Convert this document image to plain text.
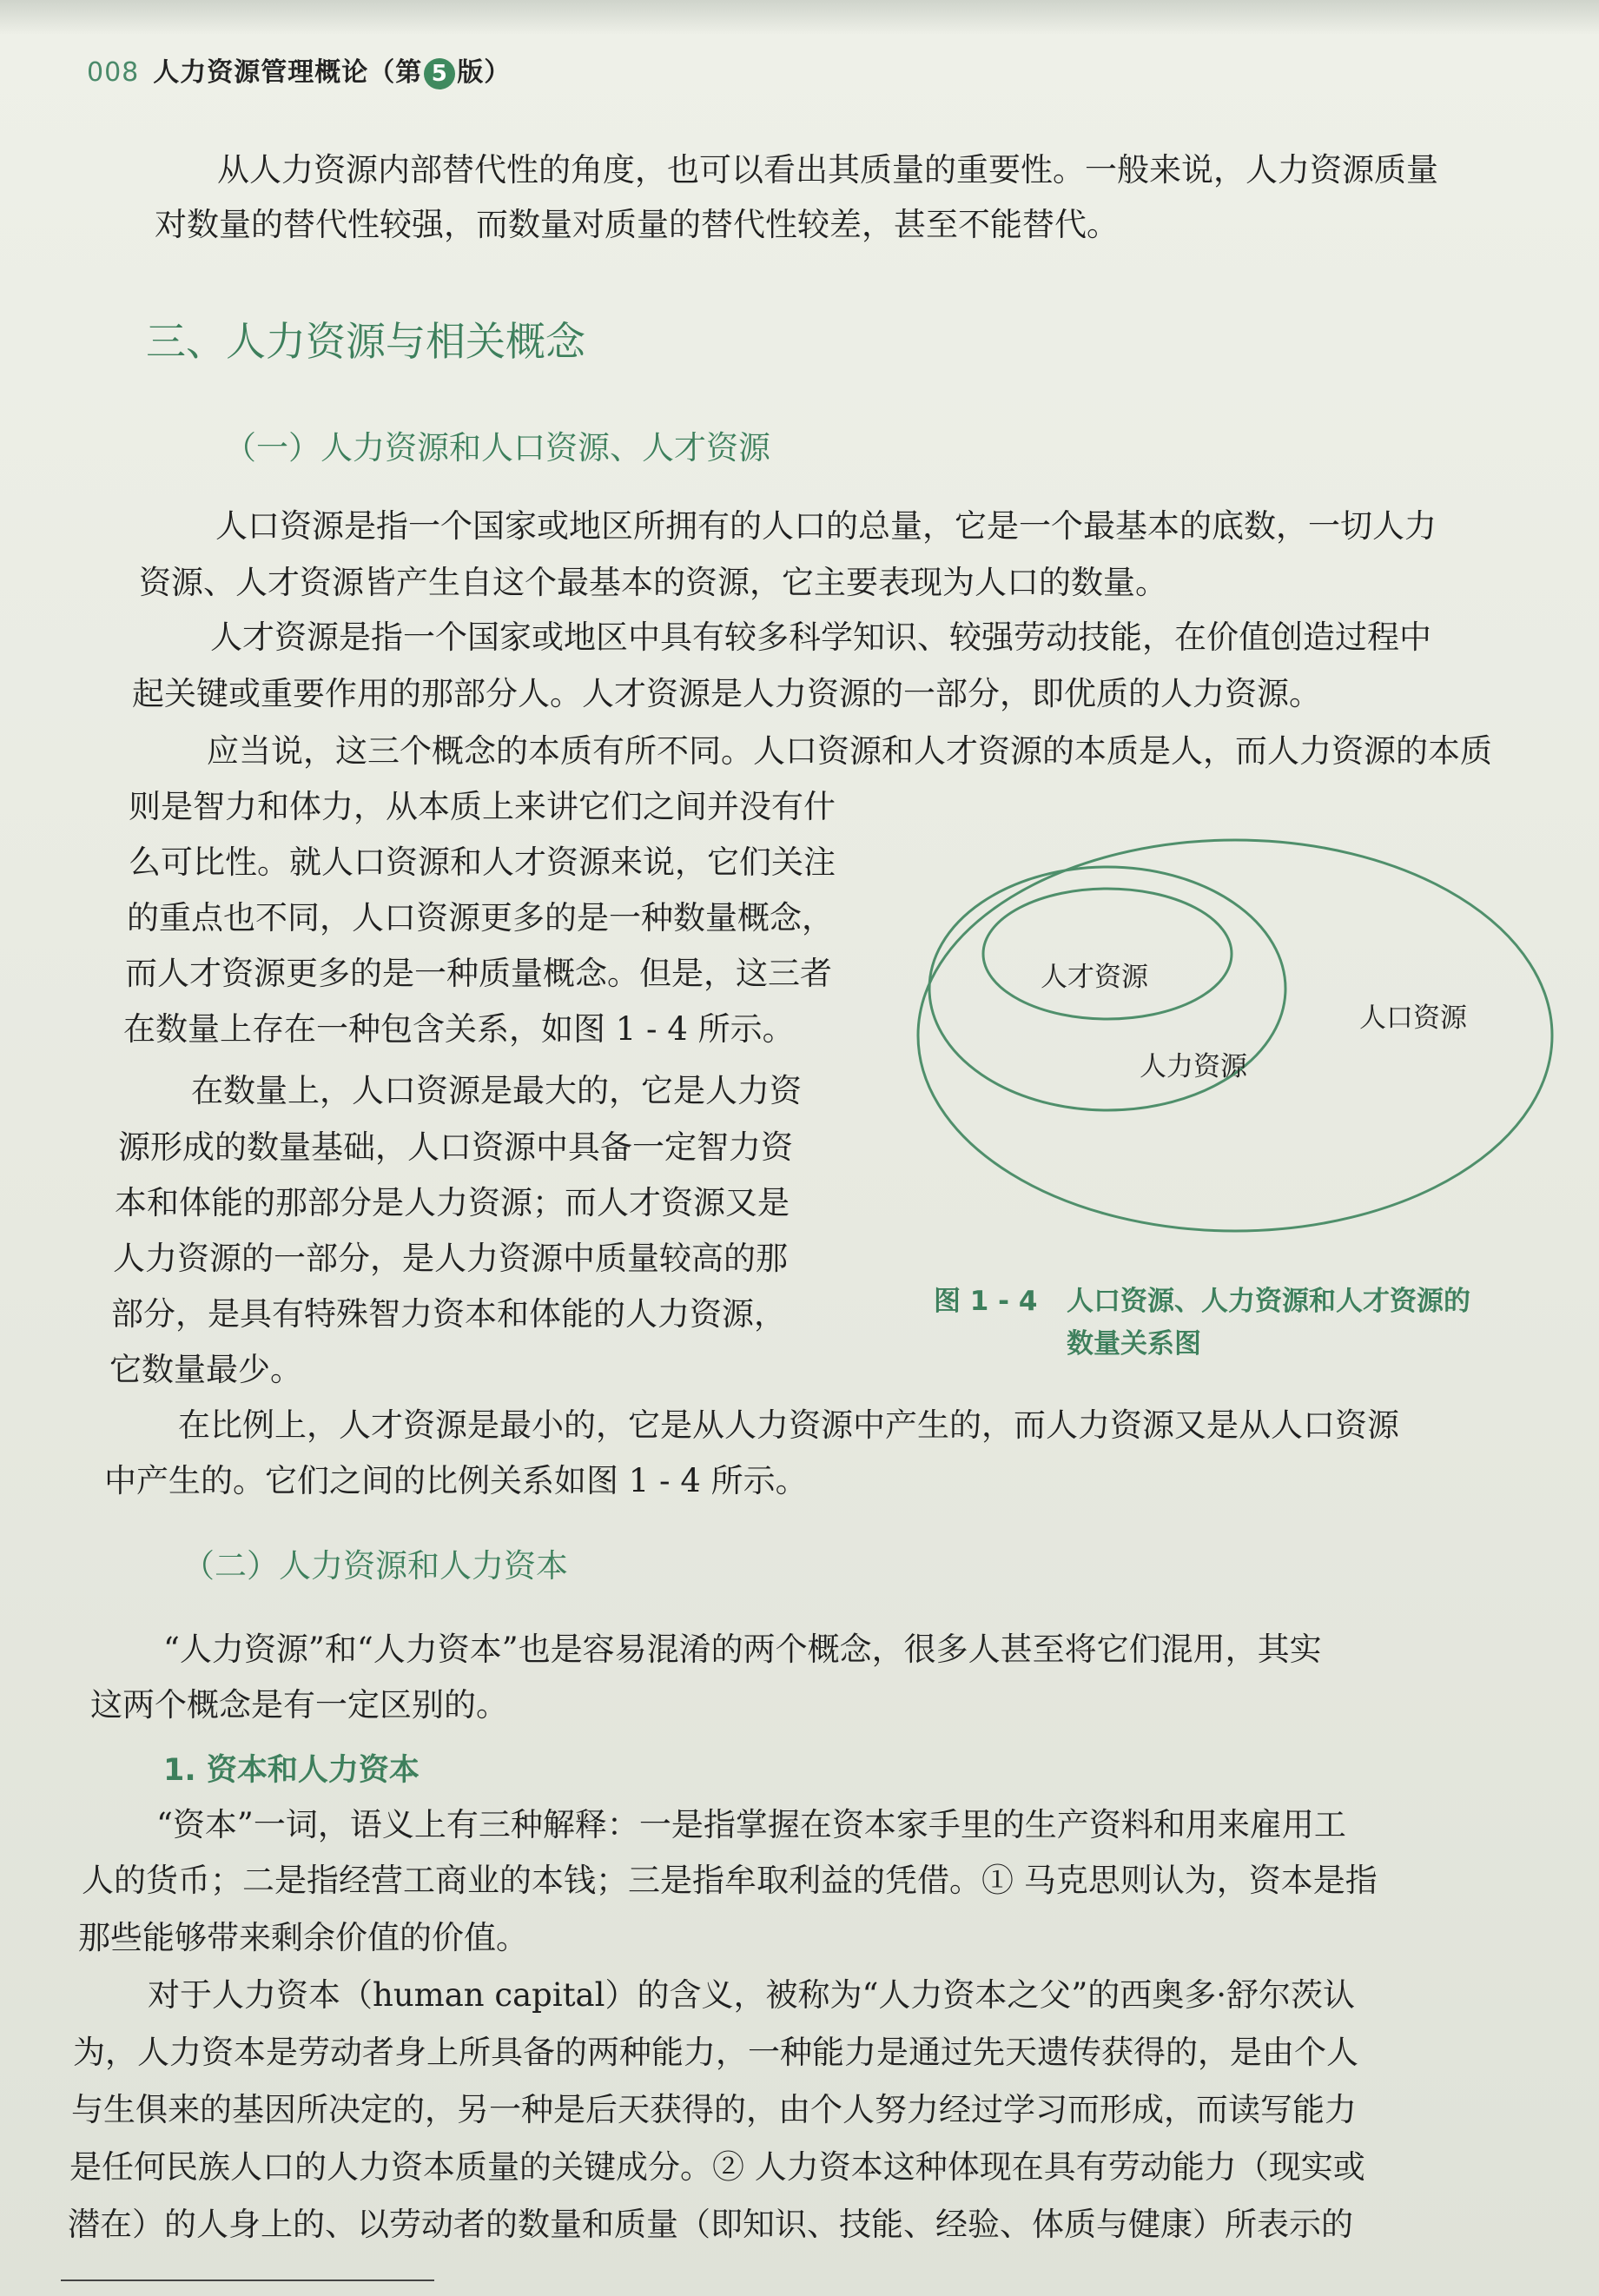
008 人力资源管理概论（第 5 版）
从人力资源内部替代性的角度，也可以看出其质量的重要性。一般来说，人力资源质量
对数量的替代性较强，而数量对质量的替代性较差，甚至不能替代。
三、人力资源与相关概念
（一）人力资源和人口资源、人才资源
人口资源是指一个国家或地区所拥有的人口的总量，它是一个最基本的底数，一切人力
资源、人才资源皆产生自这个最基本的资源，它主要表现为人口的数量。
人才资源是指一个国家或地区中具有较多科学知识、较强劳动技能，在价值创造过程中
起关键或重要作用的那部分人。人才资源是人力资源的一部分，即优质的人力资源。
应当说，这三个概念的本质有所不同。人口资源和人才资源的本质是人，而人力资源的本质
则是智力和体力，从本质上来讲它们之间并没有什
么可比性。就人口资源和人才资源来说，它们关注
的重点也不同，人口资源更多的是一种数量概念，
而人才资源更多的是一种质量概念。但是，这三者
在数量上存在一种包含关系，如图 1 - 4 所示。
在数量上，人口资源是最大的，它是人力资
源形成的数量基础，人口资源中具备一定智力资
本和体能的那部分是人力资源；而人才资源又是
人力资源的一部分，是人力资源中质量较高的那
部分，是具有特殊智力资本和体能的人力资源，
它数量最少。
人才资源
人力资源
人口资源
图 1 - 4 人口资源、人力资源和人才资源的
数量关系图
在比例上，人才资源是最小的，它是从人力资源中产生的，而人力资源又是从人口资源
中产生的。它们之间的比例关系如图 1 - 4 所示。
（二）人力资源和人力资本
“人力资源”和“人力资本”也是容易混淆的两个概念，很多人甚至将它们混用，其实
这两个概念是有一定区别的。
1. 资本和人力资本
“资本”一词，语义上有三种解释：一是指掌握在资本家手里的生产资料和用来雇用工
人的货币；二是指经营工商业的本钱；三是指牟取利益的凭借。① 马克思则认为，资本是指
那些能够带来剩余价值的价值。
对于人力资本（human capital）的含义，被称为“人力资本之父”的西奥多·舒尔茨认
为，人力资本是劳动者身上所具备的两种能力，一种能力是通过先天遗传获得的，是由个人
与生俱来的基因所决定的，另一种是后天获得的，由个人努力经过学习而形成，而读写能力
是任何民族人口的人力资本质量的关键成分。② 人力资本这种体现在具有劳动能力（现实或
潜在）的人身上的、以劳动者的数量和质量（即知识、技能、经验、体质与健康）所表示的
